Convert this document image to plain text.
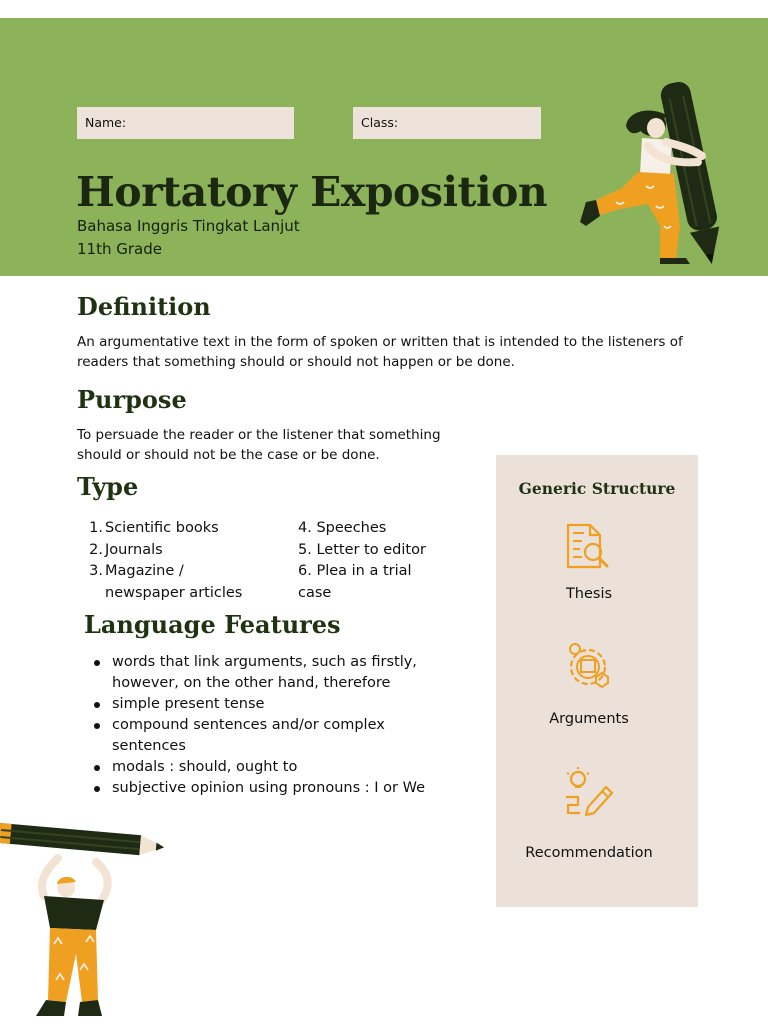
Name:	Class:
Hortatory Exposition
Bahasa Inggris Tingkat Lanjut
11th Grade
Definition

An argumentative text in the form of spoken or written that is intended to the listeners of readers that something should or should not happen or be done.

Purpose

To persuade the reader or the listener that something should or should not be the case or be done.

Type
1. Scientific books
2. Journals
3. Magazine /
newspaper articles
4.
Speeches
5.
Letter to editor
6.
Plea in a trial
case
Language Features
words that link arguments, such as firstly, however, on the other hand, therefore
simple present tense
compound sentences and/or complex sentences
modals : should, ought to
subjective opinion using pronouns : I or We
Generic Structure
Thesis
Arguments
Recommendation
